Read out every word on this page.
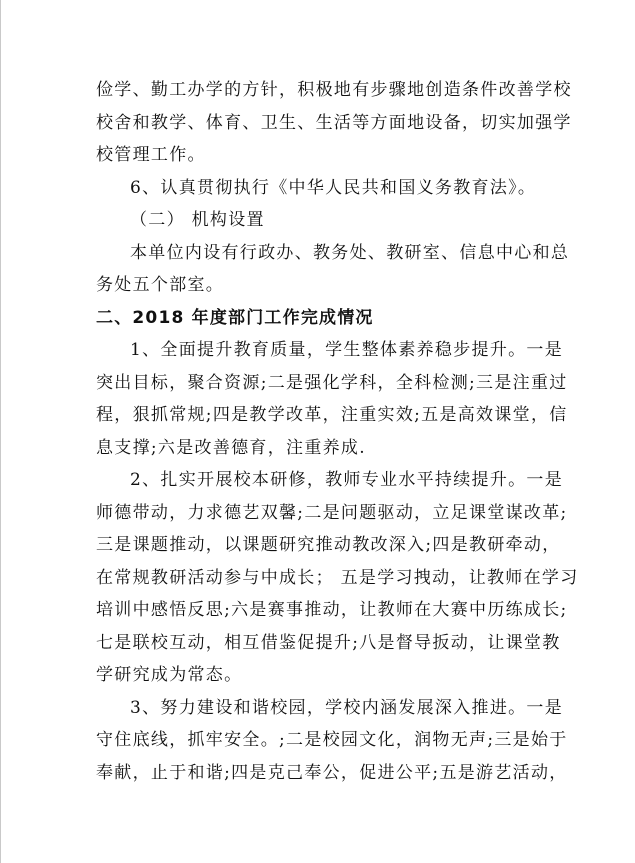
俭学、勤工办学的方针，积极地有步骤地创造条件改善学校
校舍和教学、体育、卫生、生活等方面地设备，切实加强学
校管理工作。
6、认真贯彻执行《中华人民共和国义务教育法》。
（二） 机构设置
本单位内设有行政办、教务处、教研室、信息中心和总
务处五个部室。
二、2018 年度部门工作完成情况
1、全面提升教育质量，学生整体素养稳步提升。一是
突出目标，聚合资源;二是强化学科，全科检测;三是注重过
程，狠抓常规;四是教学改革，注重实效;五是高效课堂，信
息支撑;六是改善德育，注重养成.
2、扎实开展校本研修，教师专业水平持续提升。一是
师德带动，力求德艺双馨;二是问题驱动，立足课堂谋改革;
三是课题推动，以课题研究推动教改深入;四是教研牵动，
在常规教研活动参与中成长； 五是学习拽动，让教师在学习
培训中感悟反思;六是赛事推动，让教师在大赛中历练成长;
七是联校互动，相互借鉴促提升;八是督导扳动，让课堂教
学研究成为常态。
3、努力建设和谐校园，学校内涵发展深入推进。一是
守住底线，抓牢安全。;二是校园文化，润物无声;三是始于
奉献，止于和谐;四是克己奉公，促进公平;五是游艺活动，
